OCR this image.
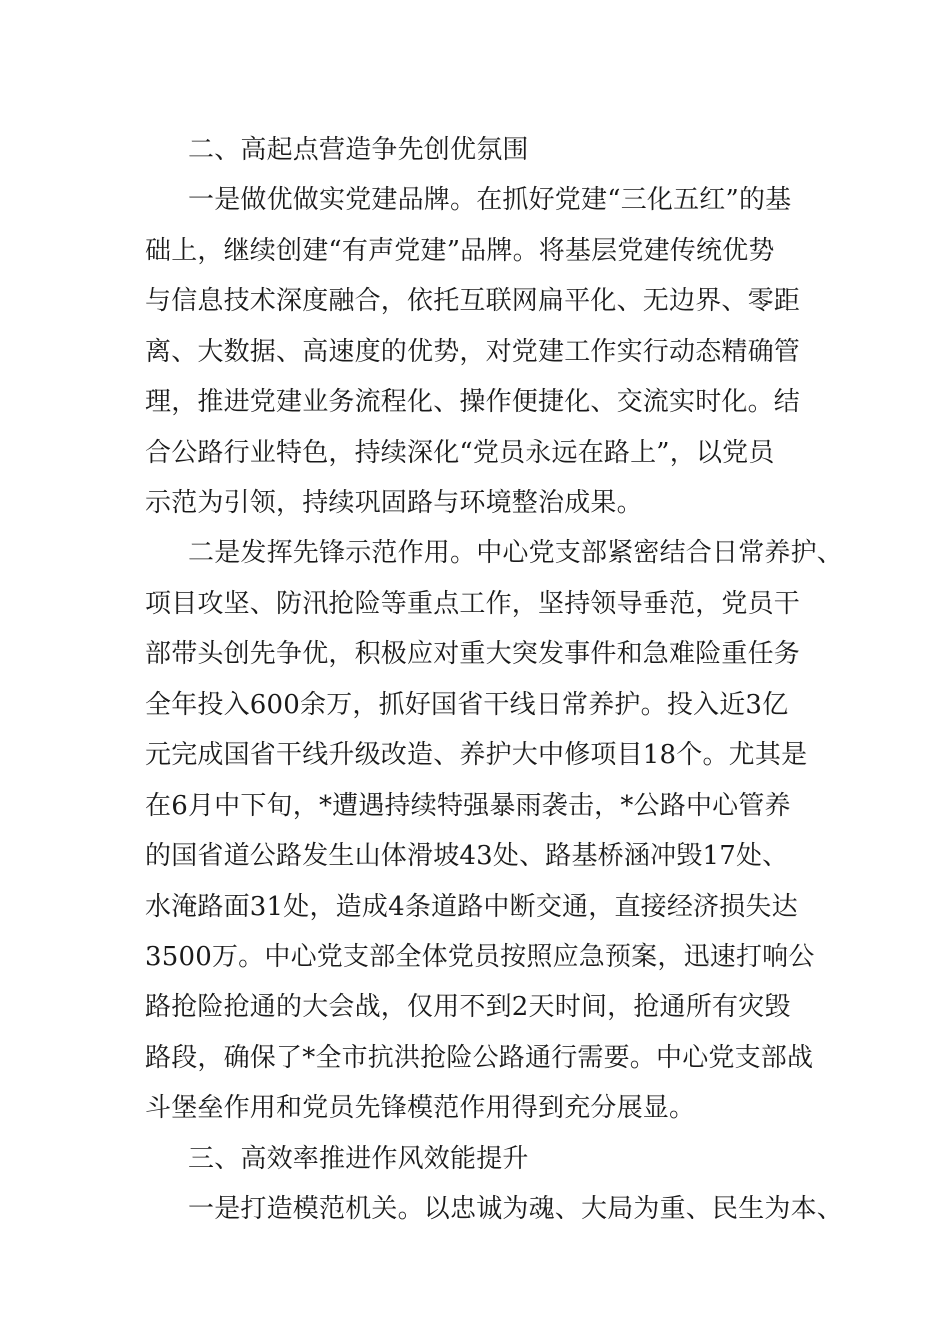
二、高起点营造争先创优氛围
一是做优做实党建品牌。在抓好党建“三化五红”的基
础上，继续创建“有声党建”品牌。将基层党建传统优势
与信息技术深度融合，依托互联网扁平化、无边界、零距
离、大数据、高速度的优势，对党建工作实行动态精确管
理，推进党建业务流程化、操作便捷化、交流实时化。结
合公路行业特色，持续深化“党员永远在路上”，以党员
示范为引领，持续巩固路与环境整治成果。
二是发挥先锋示范作用。中心党支部紧密结合日常养护、
项目攻坚、防汛抢险等重点工作，坚持领导垂范，党员干
部带头创先争优，积极应对重大突发事件和急难险重任务
全年投入600余万，抓好国省干线日常养护。投入近3亿
元完成国省干线升级改造、养护大中修项目18个。尤其是
在6月中下旬，*遭遇持续特强暴雨袭击，*公路中心管养
的国省道公路发生山体滑坡43处、路基桥涵冲毁17处、
水淹路面31处，造成4条道路中断交通，直接经济损失达
3500万。中心党支部全体党员按照应急预案，迅速打响公
路抢险抢通的大会战，仅用不到2天时间，抢通所有灾毁
路段，确保了*全市抗洪抢险公路通行需要。中心党支部战
斗堡垒作用和党员先锋模范作用得到充分展显。
三、高效率推进作风效能提升
一是打造模范机关。以忠诚为魂、大局为重、民生为本、
